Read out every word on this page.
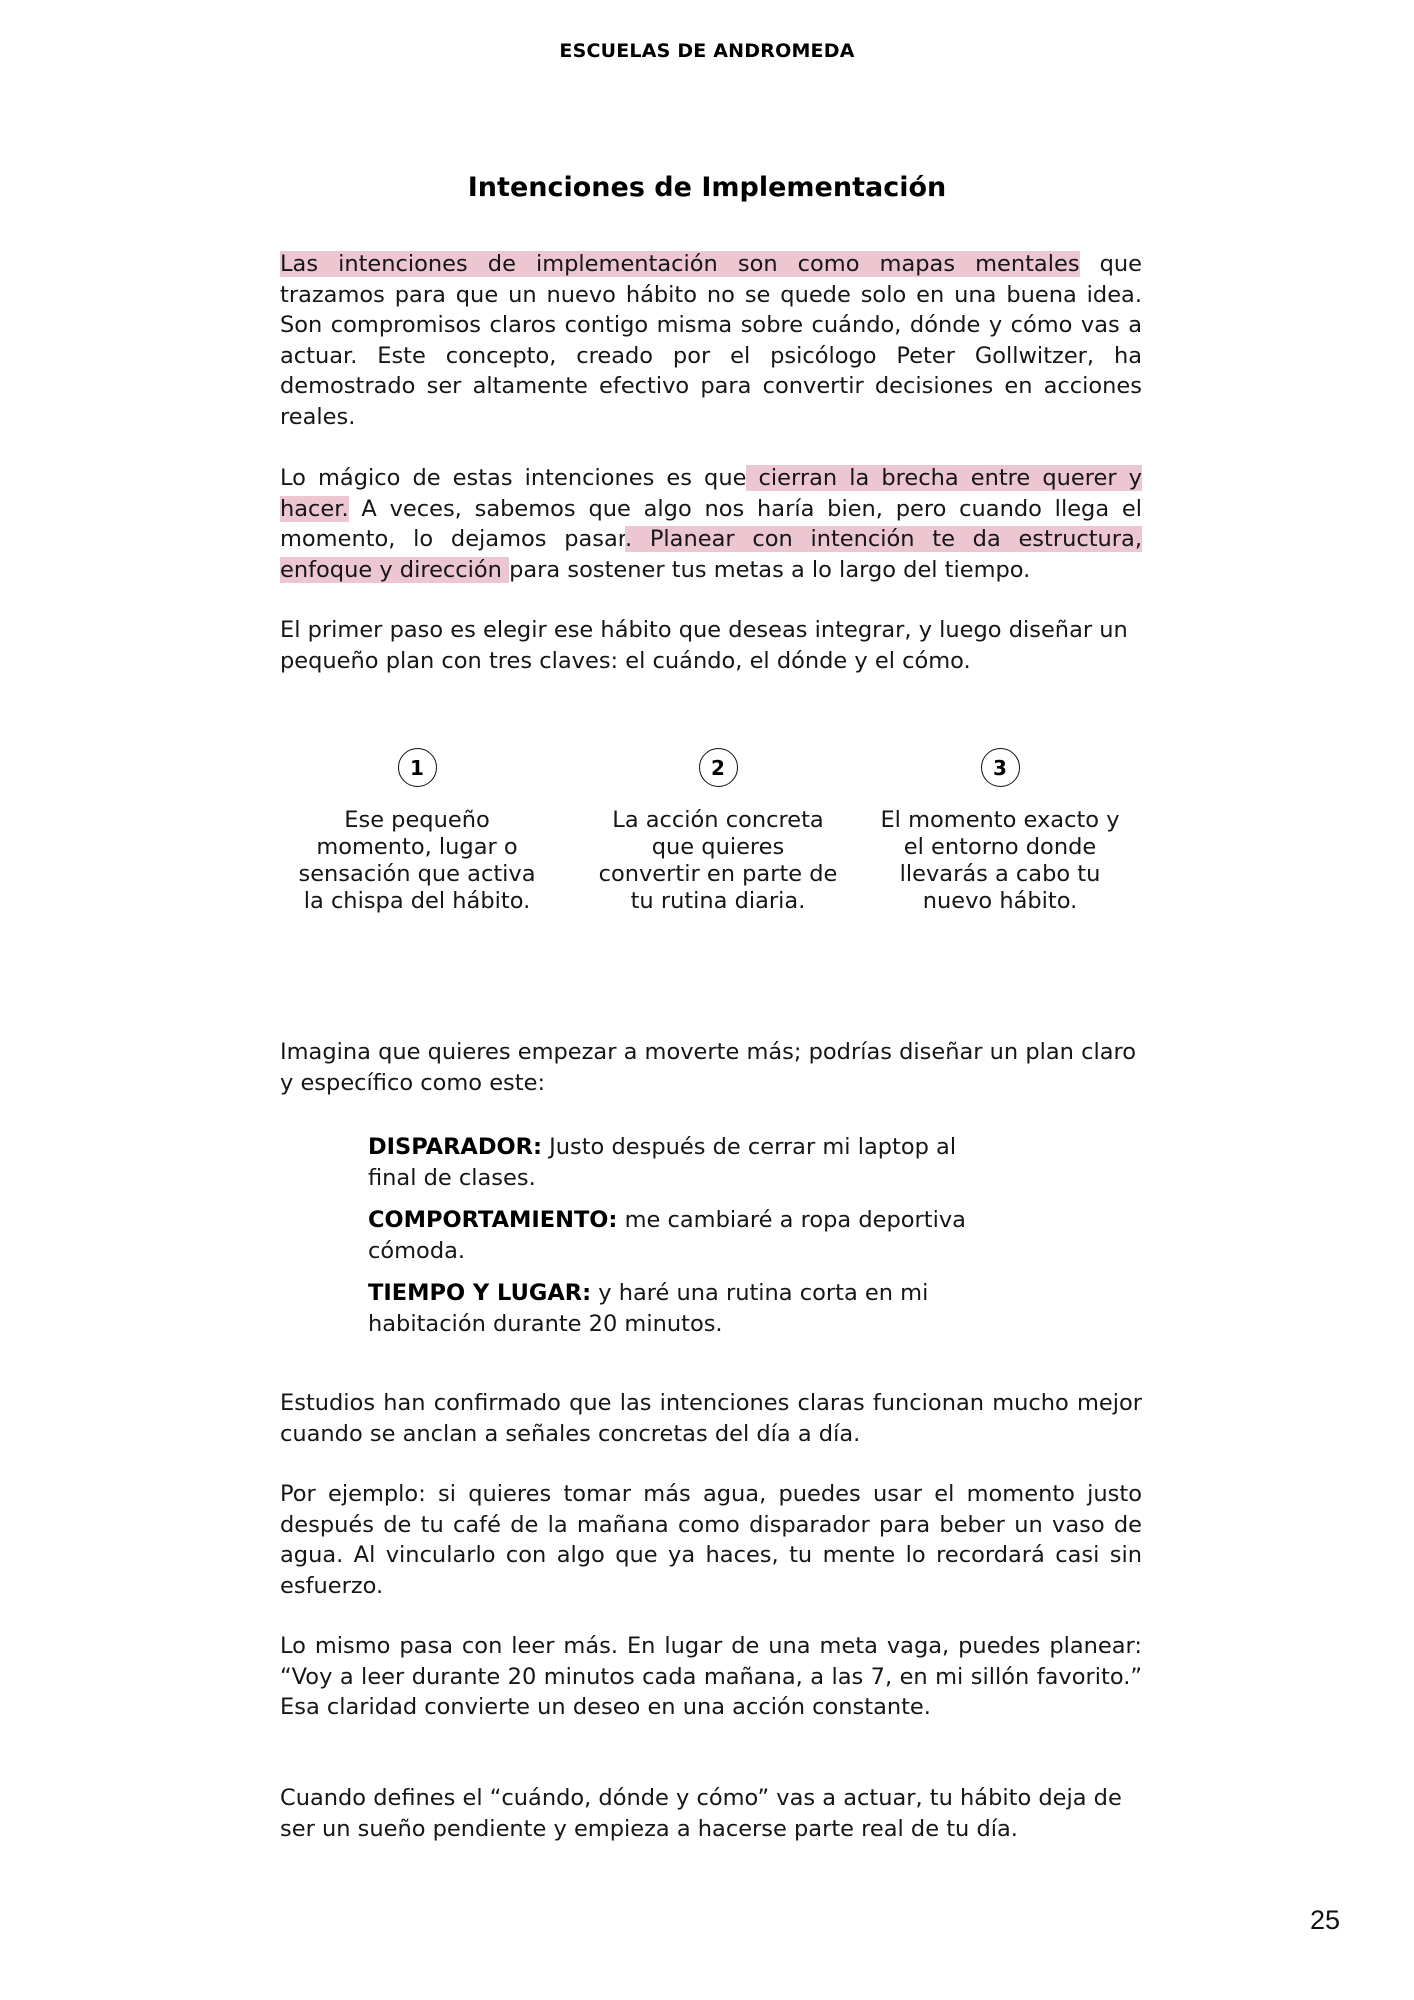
ESCUELAS DE ANDROMEDA
Intenciones de Implementación

Las intenciones de implementación son como mapas mentales que trazamos para que un nuevo hábito no se quede solo en una buena idea. Son compromisos claros contigo misma sobre cuándo, dónde y cómo vas a actuar. Este concepto, creado por el psicólogo Peter Gollwitzer, ha demostrado ser altamente efectivo para convertir decisiones en acciones reales.

Lo mágico de estas intenciones es que cierran la brecha entre querer y hacer. A veces, sabemos que algo nos haría bien, pero cuando llega el momento, lo dejamos pasar. Planear con intención te da estructura, enfoque y dirección para sostener tus metas a lo largo del tiempo.

El primer paso es elegir ese hábito que deseas integrar, y luego diseñar un pequeño plan con tres claves: el cuándo, el dónde y el cómo.

1
Ese pequeño momento, lugar o sensación que activa la chispa del hábito.
2
La acción concreta que quieres convertir en parte de tu rutina diaria.
3
El momento exacto y el entorno donde llevarás a cabo tu nuevo hábito.

Imagina que quieres empezar a moverte más; podrías diseñar un plan claro y específico como este:

DISPARADOR: Justo después de cerrar mi laptop al final de clases.

COMPORTAMIENTO: me cambiaré a ropa deportiva cómoda.

TIEMPO Y LUGAR: y haré una rutina corta en mi habitación durante 20 minutos.

Estudios han confirmado que las intenciones claras funcionan mucho mejor cuando se anclan a señales concretas del día a día.

Por ejemplo: si quieres tomar más agua, puedes usar el momento justo después de tu café de la mañana como disparador para beber un vaso de agua. Al vincularlo con algo que ya haces, tu mente lo recordará casi sin esfuerzo.

Lo mismo pasa con leer más. En lugar de una meta vaga, puedes planear: “Voy a leer durante 20 minutos cada mañana, a las 7, en mi sillón favorito.” Esa claridad convierte un deseo en una acción constante.

Cuando defines el “cuándo, dónde y cómo” vas a actuar, tu hábito deja de ser un sueño pendiente y empieza a hacerse parte real de tu día.

25
